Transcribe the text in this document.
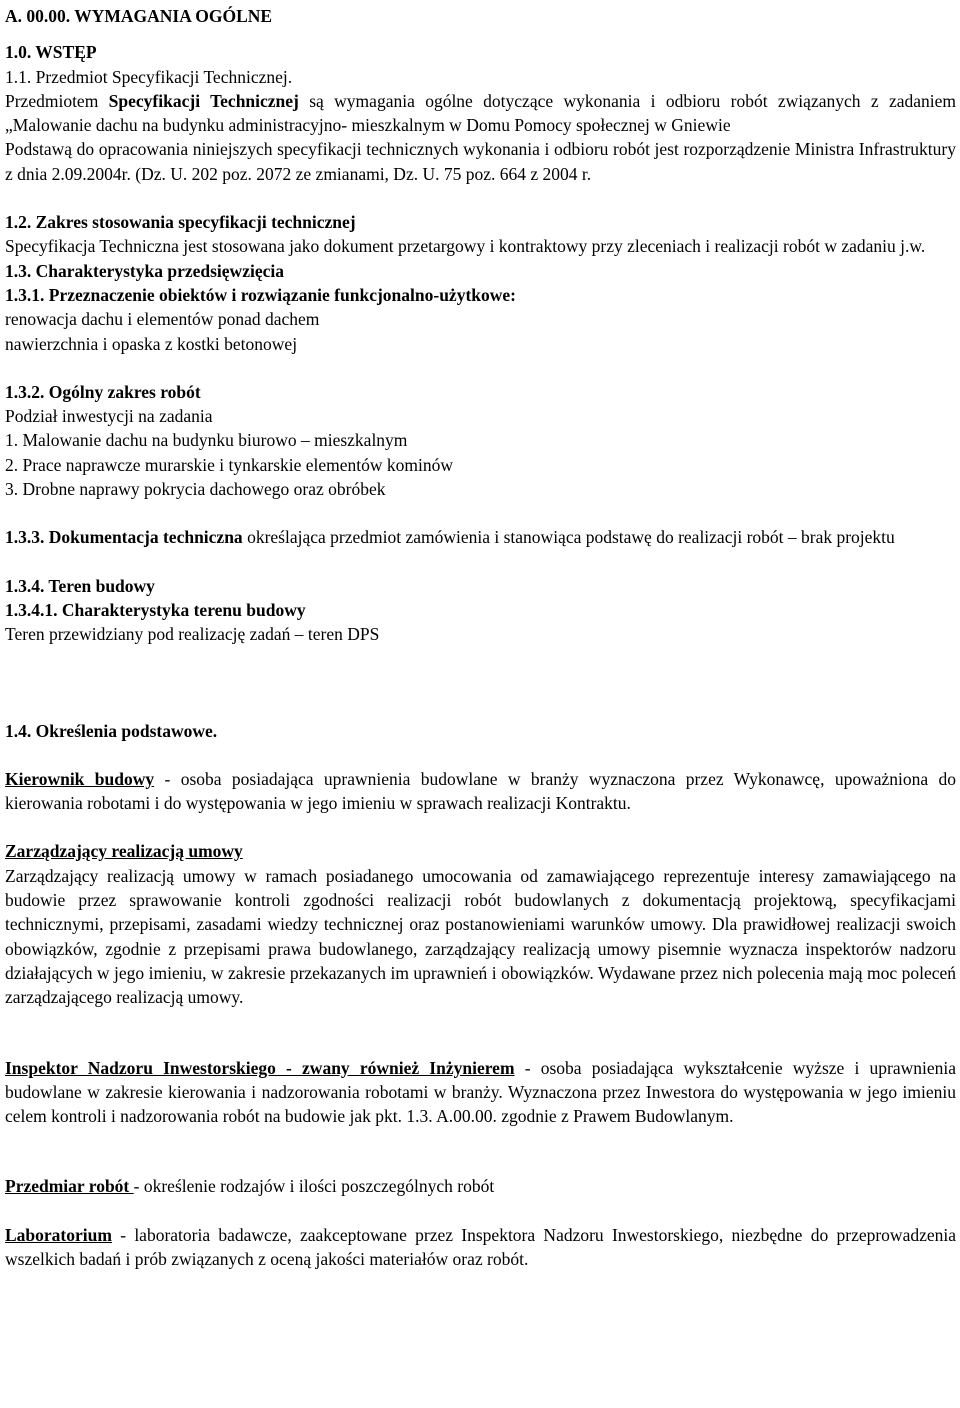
A. 00.00. WYMAGANIA OGÓLNE

1.0. WSTĘP

1.1. Przedmiot Specyfikacji Technicznej.

Przedmiotem Specyfikacji Technicznej są wymagania ogólne dotyczące wykonania i odbioru robót związanych z zadaniem „Malowanie dachu na budynku administracyjno- mieszkalnym w Domu Pomocy społecznej w Gniewie

Podstawą do opracowania niniejszych specyfikacji technicznych wykonania i odbioru robót jest rozporządzenie Ministra Infrastruktury z dnia 2.09.2004r. (Dz. U. 202 poz. 2072 ze zmianami, Dz. U. 75 poz. 664 z 2004 r.

1.2. Zakres stosowania specyfikacji technicznej

Specyfikacja Techniczna jest stosowana jako dokument przetargowy i kontraktowy przy zleceniach i realizacji robót w zadaniu j.w.

1.3. Charakterystyka przedsięwzięcia

1.3.1. Przeznaczenie obiektów i rozwiązanie funkcjonalno-użytkowe:

renowacja dachu i elementów ponad dachem

nawierzchnia i opaska z kostki betonowej

1.3.2. Ogólny zakres robót

Podział inwestycji na zadania

1. Malowanie dachu na budynku biurowo – mieszkalnym

2. Prace naprawcze murarskie i tynkarskie elementów kominów

3. Drobne naprawy pokrycia dachowego oraz obróbek

1.3.3. Dokumentacja techniczna określająca przedmiot zamówienia i stanowiąca podstawę do realizacji robót – brak projektu

1.3.4. Teren budowy

1.3.4.1. Charakterystyka terenu budowy

Teren przewidziany pod realizację zadań – teren DPS

1.4. Określenia podstawowe.

Kierownik budowy - osoba posiadająca uprawnienia budowlane w branży wyznaczona przez Wykonawcę, upoważniona do kierowania robotami i do występowania w jego imieniu w sprawach realizacji Kontraktu.

Zarządzający realizacją umowy

Zarządzający realizacją umowy w ramach posiadanego umocowania od zamawiającego reprezentuje interesy zamawiającego na budowie przez sprawowanie kontroli zgodności realizacji robót budowlanych z dokumentacją projektową, specyfikacjami technicznymi, przepisami, zasadami wiedzy technicznej oraz postanowieniami warunków umowy. Dla prawidłowej realizacji swoich obowiązków, zgodnie z przepisami prawa budowlanego, zarządzający realizacją umowy pisemnie wyznacza inspektorów nadzoru działających w jego imieniu, w zakresie przekazanych im uprawnień i obowiązków. Wydawane przez nich polecenia mają moc poleceń zarządzającego realizacją umowy.

Inspektor Nadzoru Inwestorskiego - zwany również Inżynierem - osoba posiadająca wykształcenie wyższe i uprawnienia budowlane w zakresie kierowania i nadzorowania robotami w branży. Wyznaczona przez Inwestora do występowania w jego imieniu celem kontroli i nadzorowania robót na budowie jak pkt. 1.3. A.00.00. zgodnie z Prawem Budowlanym.

Przedmiar robót - określenie rodzajów i ilości poszczególnych robót

Laboratorium - laboratoria badawcze, zaakceptowane przez Inspektora Nadzoru Inwestorskiego, niezbędne do przeprowadzenia wszelkich badań i prób związanych z oceną jakości materiałów oraz robót.
